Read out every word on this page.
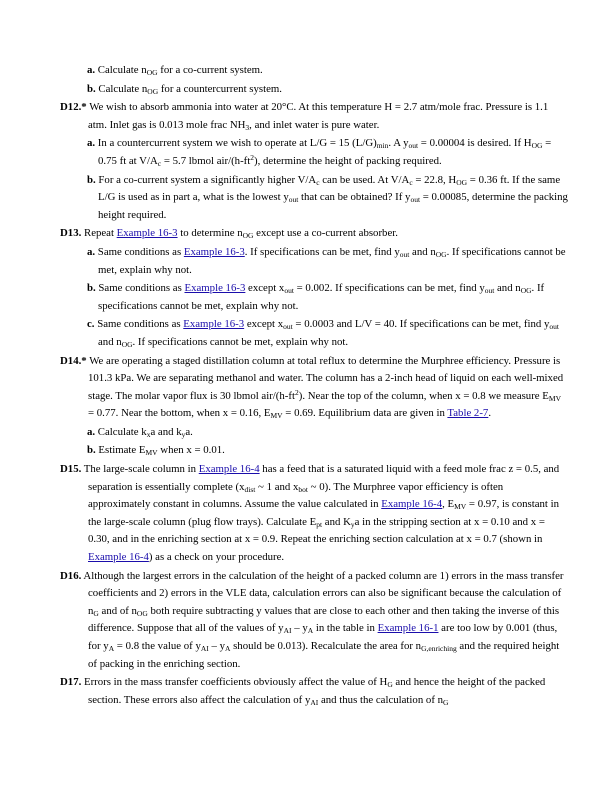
a. Calculate $n_{OG}$ for a co-current system.

b. Calculate $n_{OG}$ for a countercurrent system.

D12.* We wish to absorb ammonia into water at 20°C. At this temperature H = 2.7 atm/mole frac. Pressure is 1.1 atm. Inlet gas is 0.013 mole frac $NH_3$, and inlet water is pure water.

a. In a countercurrent system we wish to operate at L/G = 15 $(L/G)_{min}$. A $y_{out} = 0.00004$ is desired. If $H_{OG} = 0.75$ ft at $V/A_c = 5.7$ lbmol air/$(h-ft^2)$, determine the height of packing required.

b. For a co-current system a significantly higher $V/A_c$ can be used. At $V/A_c = 22.8$, $H_{OG} = 0.36$ ft. If the same L/G is used as in part a, what is the lowest $y_{out}$ that can be obtained? If $y_{out} = 0.00085$, determine the packing height required.

D13. Repeat Example 16-3 to determine $n_{OG}$ except use a co-current absorber.

a. Same conditions as Example 16-3. If specifications can be met, find $y_{out}$ and $n_{OG}$. If specifications cannot be met, explain why not.

b. Same conditions as Example 16-3 except $x_{out} = 0.002$. If specifications can be met, find $y_{out}$ and $n_{OG}$. If specifications cannot be met, explain why not.

c. Same conditions as Example 16-3 except $x_{out} = 0.0003$ and L/V = 40. If specifications can be met, find $y_{out}$ and $n_{OG}$. If specifications cannot be met, explain why not.

D14.* We are operating a staged distillation column at total reflux to determine the Murphree efficiency. Pressure is 101.3 kPa. We are separating methanol and water. The column has a 2-inch head of liquid on each well-mixed stage. The molar vapor flux is 30 lbmol air/$(h-ft^2)$. Near the top of the column, when x = 0.8 we measure $E_{MV} = 0.77$. Near the bottom, when x = 0.16, $E_{MV} = 0.69$. Equilibrium data are given in Table 2-7.

a. Calculate $k_xa$ and $k_ya$.

b. Estimate $E_{MV}$ when x = 0.01.

D15. The large-scale column in Example 16-4 has a feed that is a saturated liquid with a feed mole frac z = 0.5, and separation is essentially complete ($x_{dist}$ ~ 1 and $x_{bot}$ ~ 0). The Murphree vapor efficiency is often approximately constant in columns. Assume the value calculated in Example 16-4, $E_{MV} = 0.97$, is constant in the large-scale column (plug flow trays). Calculate $E_{pt}$ and $K_ya$ in the stripping section at x = 0.10 and x = 0.30, and in the enriching section at x = 0.9. Repeat the enriching section calculation at x = 0.7 (shown in Example 16-4) as a check on your procedure.

D16. Although the largest errors in the calculation of the height of a packed column are 1) errors in the mass transfer coefficients and 2) errors in the VLE data, calculation errors can also be significant because the calculation of $n_G$ and of $n_{OG}$ both require subtracting y values that are close to each other and then taking the inverse of this difference. Suppose that all of the values of $y_{AI} - y_A$ in the table in Example 16-1 are too low by 0.001 (thus, for $y_A = 0.8$ the value of $y_{AI} - y_A$ should be 0.013). Recalculate the area for $n_{G,enriching}$ and the required height of packing in the enriching section.

D17. Errors in the mass transfer coefficients obviously affect the value of $H_G$ and hence the height of the packed section. These errors also affect the calculation of $y_{AI}$ and thus the calculation of $n_G$
